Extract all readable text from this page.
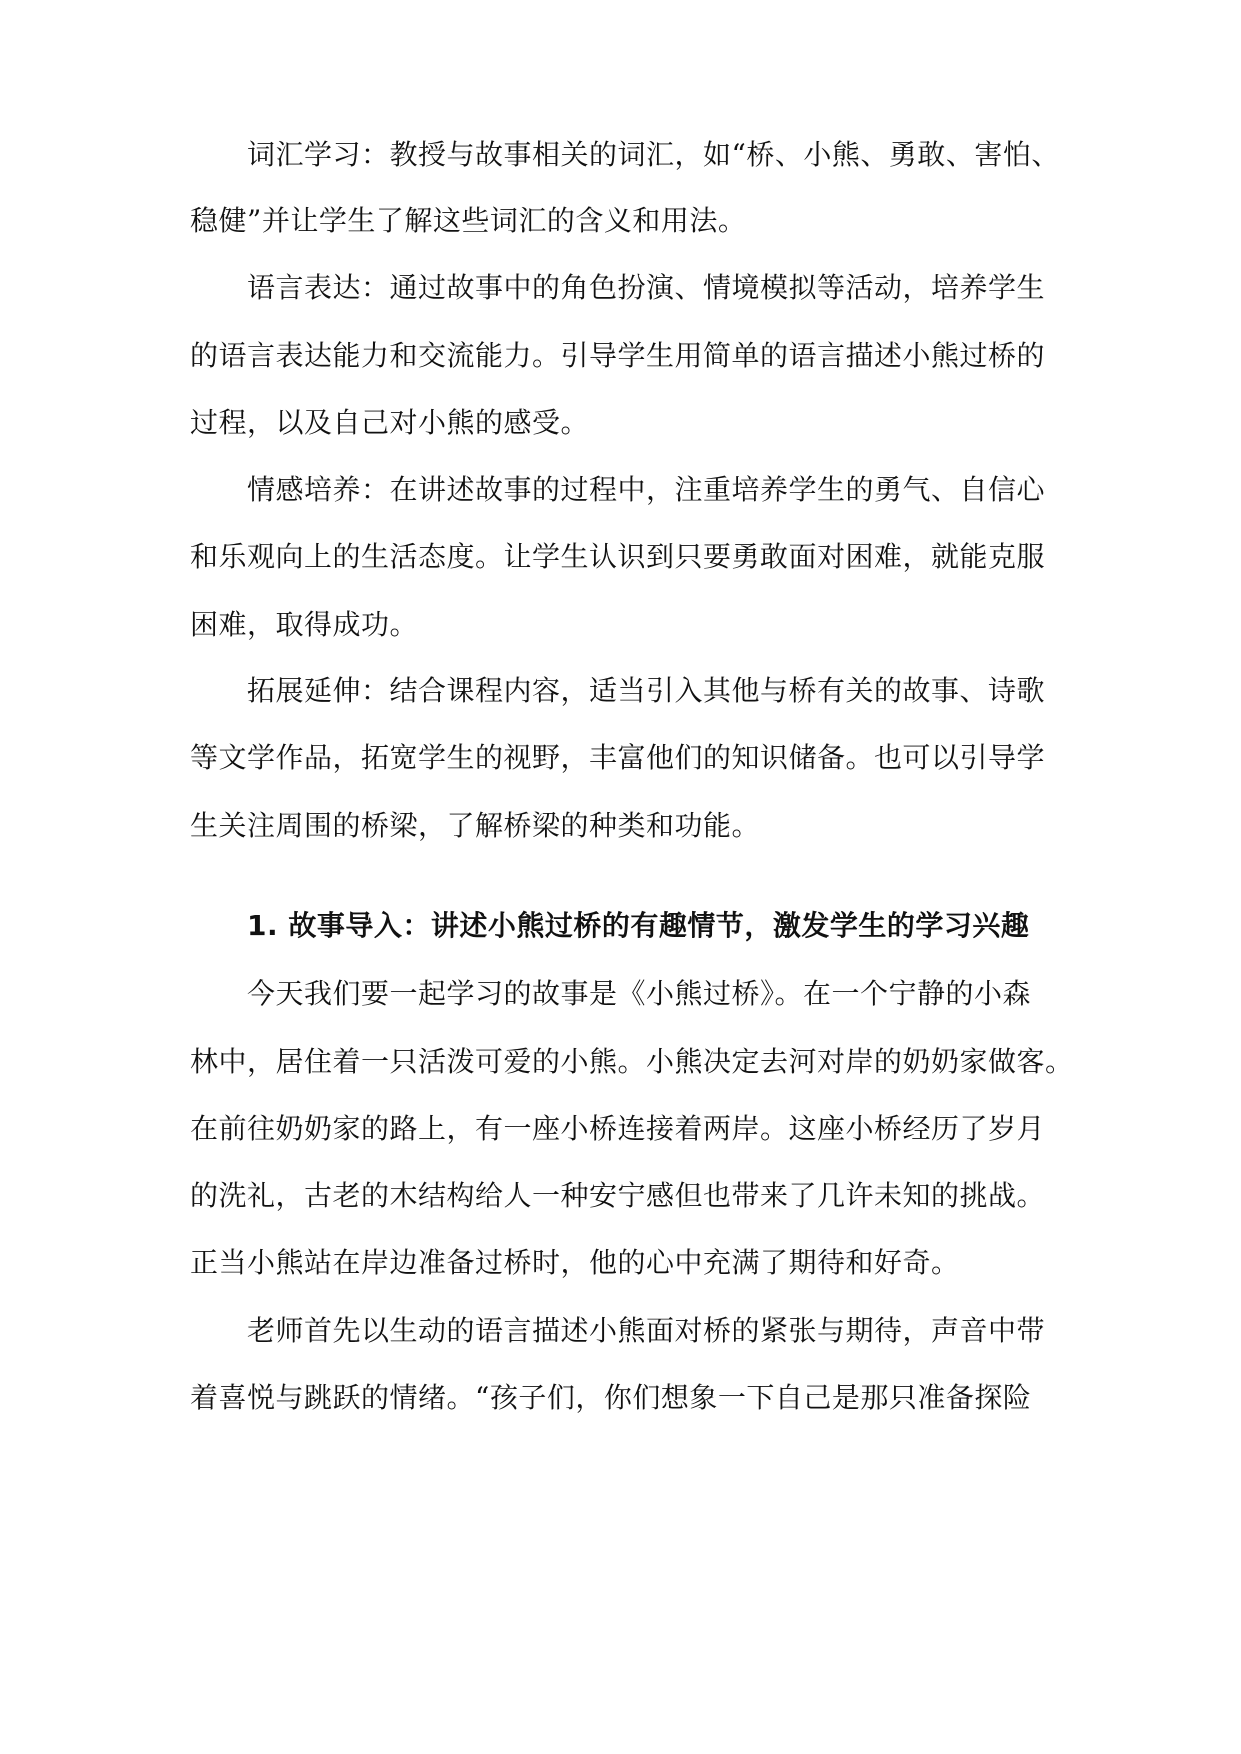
词汇学习：教授与故事相关的词汇，如“桥、小熊、勇敢、害怕、
稳健”并让学生了解这些词汇的含义和用法。
语言表达：通过故事中的角色扮演、情境模拟等活动，培养学生
的语言表达能力和交流能力。引导学生用简单的语言描述小熊过桥的
过程，以及自己对小熊的感受。
情感培养：在讲述故事的过程中，注重培养学生的勇气、自信心
和乐观向上的生活态度。让学生认识到只要勇敢面对困难，就能克服
困难，取得成功。
拓展延伸：结合课程内容，适当引入其他与桥有关的故事、诗歌
等文学作品，拓宽学生的视野，丰富他们的知识储备。也可以引导学
生关注周围的桥梁，了解桥梁的种类和功能。
1. 故事导入：讲述小熊过桥的有趣情节，激发学生的学习兴趣
今天我们要一起学习的故事是《小熊过桥》。在一个宁静的小森
林中，居住着一只活泼可爱的小熊。小熊决定去河对岸的奶奶家做客。
在前往奶奶家的路上，有一座小桥连接着两岸。这座小桥经历了岁月
的洗礼，古老的木结构给人一种安宁感但也带来了几许未知的挑战。
正当小熊站在岸边准备过桥时，他的心中充满了期待和好奇。
老师首先以生动的语言描述小熊面对桥的紧张与期待，声音中带
着喜悦与跳跃的情绪。“孩子们，你们想象一下自己是那只准备探险
